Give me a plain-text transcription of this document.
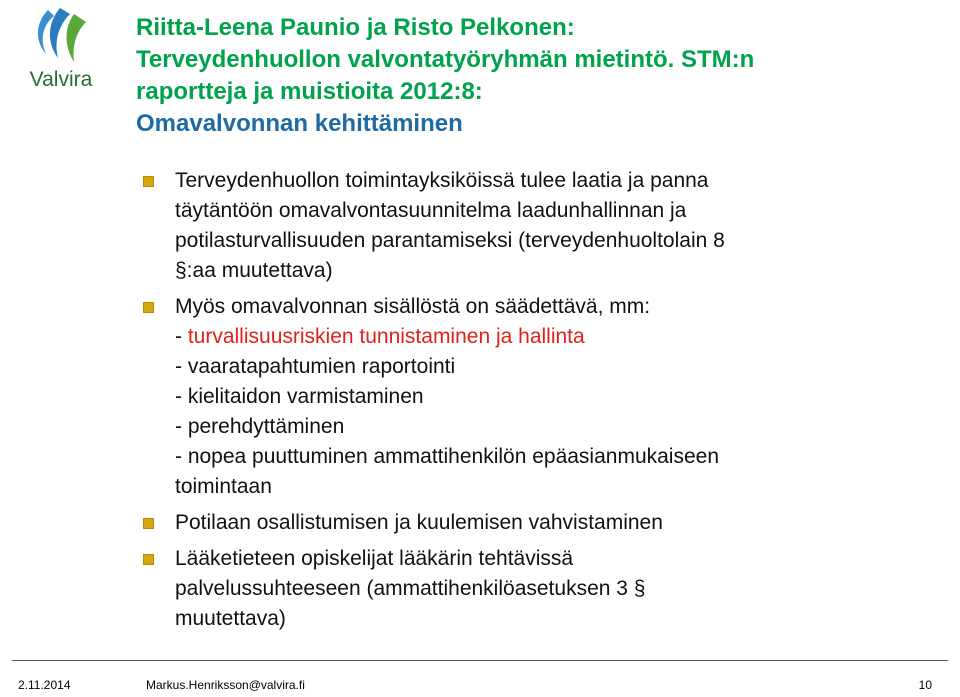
Valvira
Riitta-Leena Paunio ja Risto Pelkonen:
Terveydenhuollon valvontatyöryhmän mietintö. STM:n
raportteja ja muistioita 2012:8:
Omavalvonnan kehittäminen
Terveydenhuollon toimintayksiköissä tulee laatia ja panna
täytäntöön omavalvontasuunnitelma laadunhallinnan ja
potilasturvallisuuden parantamiseksi (terveydenhuoltolain 8
§:aa muutettava)
Myös omavalvonnan sisällöstä on säädettävä, mm:
- turvallisuusriskien tunnistaminen ja hallinta
- vaaratapahtumien raportointi
- kielitaidon varmistaminen
- perehdyttäminen
- nopea puuttuminen ammattihenkilön epäasianmukaiseen
toimintaan
Potilaan osallistumisen ja kuulemisen vahvistaminen
Lääketieteen opiskelijat lääkärin tehtävissä
palvelussuhteeseen (ammattihenkilöasetuksen 3 §
muutettava)
2.11.2014	Markus.Henriksson@valvira.fi	10
